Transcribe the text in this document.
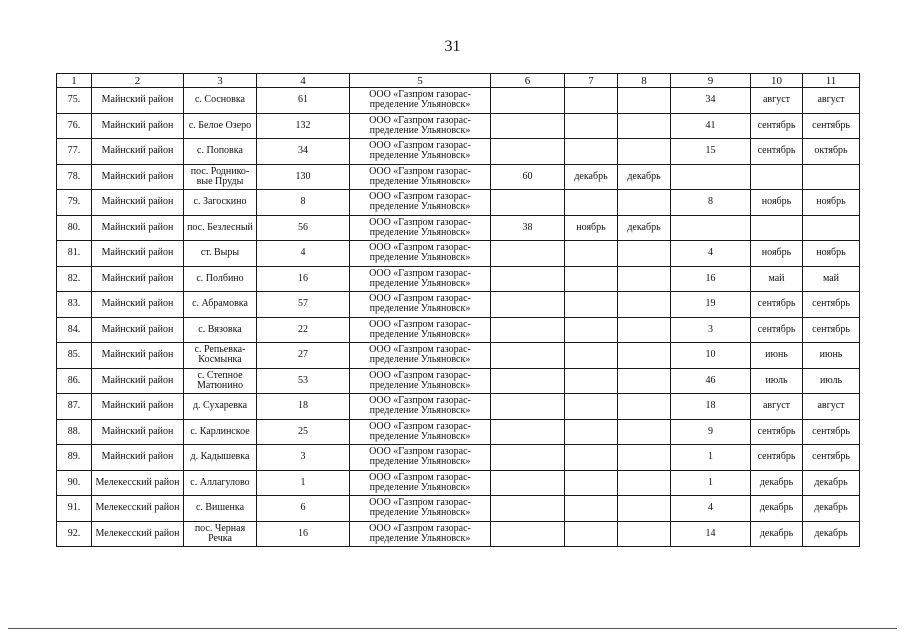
31
1	2	3	4	5	6	7	8	9	10	11
75.	Майнский район	с. Сосновка	61	ООО «Газпром газорас-пределение Ульяновск»				34	август	август
76.	Майнский район	с. Белое Озеро	132	ООО «Газпром газорас-пределение Ульяновск»				41	сентябрь	сентябрь
77.	Майнский район	с. Поповка	34	ООО «Газпром газорас-пределение Ульяновск»				15	сентябрь	октябрь
78.	Майнский район	пос. Роднико-вые Пруды	130	ООО «Газпром газорас-пределение Ульяновск»	60	декабрь	декабрь			
79.	Майнский район	с. Загоскино	8	ООО «Газпром газорас-пределение Ульяновск»				8	ноябрь	ноябрь
80.	Майнский район	пос. Безлесный	56	ООО «Газпром газорас-пределение Ульяновск»	38	ноябрь	декабрь			
81.	Майнский район	ст. Выры	4	ООО «Газпром газорас-пределение Ульяновск»				4	ноябрь	ноябрь
82.	Майнский район	с. Полбино	16	ООО «Газпром газорас-пределение Ульяновск»				16	май	май
83.	Майнский район	с. Абрамовка	57	ООО «Газпром газорас-пределение Ульяновск»				19	сентябрь	сентябрь
84.	Майнский район	с. Вязовка	22	ООО «Газпром газорас-пределение Ульяновск»				3	сентябрь	сентябрь
85.	Майнский район	с. Репьевка-Космынка	27	ООО «Газпром газорас-пределение Ульяновск»				10	июнь	июнь
86.	Майнский район	с. Степное Матюнино	53	ООО «Газпром газорас-пределение Ульяновск»				46	июль	июль
87.	Майнский район	д. Сухаревка	18	ООО «Газпром газорас-пределение Ульяновск»				18	август	август
88.	Майнский район	с. Карлинское	25	ООО «Газпром газорас-пределение Ульяновск»				9	сентябрь	сентябрь
89.	Майнский район	д. Кадышевка	3	ООО «Газпром газорас-пределение Ульяновск»				1	сентябрь	сентябрь
90.	Мелекесский район	с. Аллагулово	1	ООО «Газпром газорас-пределение Ульяновск»				1	декабрь	декабрь
91.	Мелекесский район	с. Вишенка	6	ООО «Газпром газорас-пределение Ульяновск»				4	декабрь	декабрь
92.	Мелекесский район	пос. Черная Речка	16	ООО «Газпром газорас-пределение Ульяновск»				14	декабрь	декабрь
